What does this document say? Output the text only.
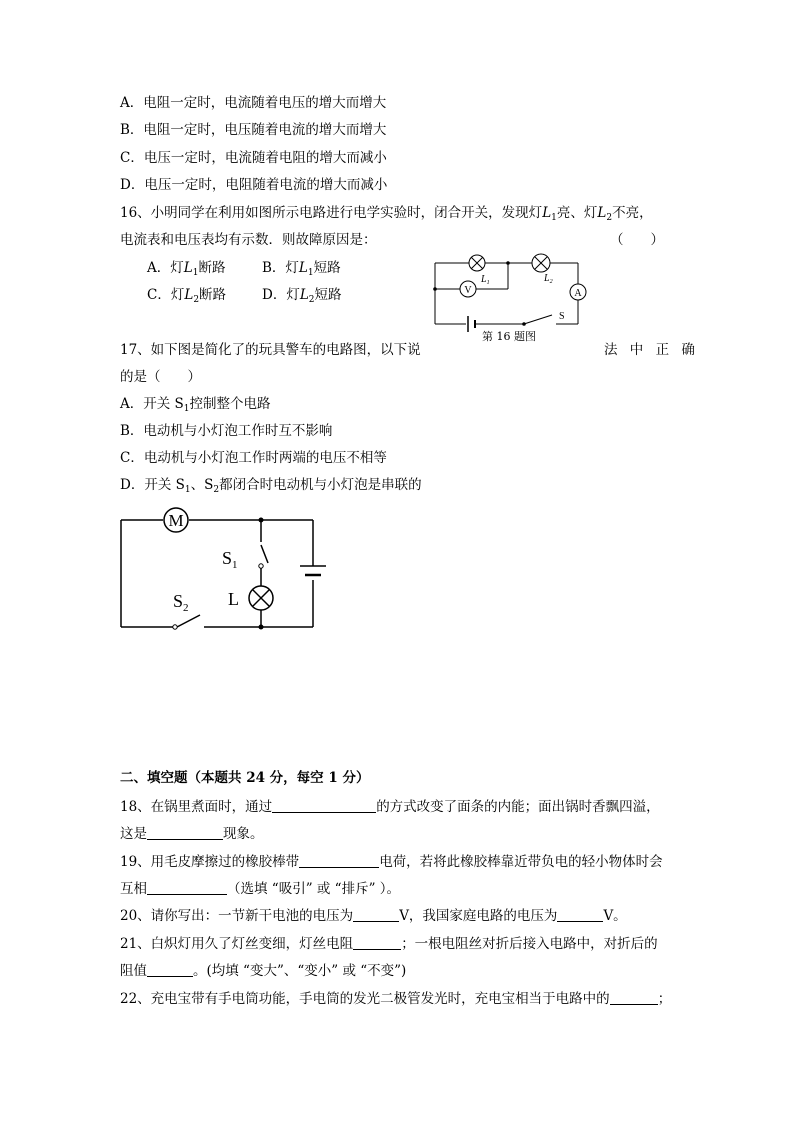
A．电阻一定时，电流随着电压的增大而增大
B．电阻一定时，电压随着电流的增大而增大
C．电压一定时，电流随着电阻的增大而减小
D．电压一定时，电阻随着电流的增大而减小
16、小明同学在利用如图所示电路进行电学实验时，闭合开关，发现灯$L_1$亮、灯$L_2$不亮，
电流表和电压表均有示数．则故障原因是：	（　　）
A．灯$L_1$断路	B．灯$L_1$短路
C．灯$L_2$断路	D．灯$L_2$短路	V	A
$L_1$	$L_2$
S
第 16 题图
17、如下图是简化了的玩具警车的电路图，以下说	法 中 正 确
的是（　　）
A．开关 $S_1$控制整个电路
B．电动机与小灯泡工作时互不影响
C．电动机与小灯泡工作时两端的电压不相等
D．开关 $S_1$、$S_2$都闭合时电动机与小灯泡是串联的
M
$S_1$
L
$S_2$
二、填空题（本题共 24 分，每空 1 分）
18、在锅里煮面时，通过	的方式改变了面条的内能；面出锅时香飘四溢，
这是	现象。
19、用毛皮摩擦过的橡胶棒带	电荷，若将此橡胶棒靠近带负电的轻小物体时会
互相	（选填 “吸引” 或 “排斥” ）。
20、请你写出：一节新干电池的电压为	V，我国家庭电路的电压为	V。
21、白炽灯用久了灯丝变细，灯丝电阻	；一根电阻丝对折后接入电路中，对折后的
阻值	。(均填 “变大”、“变小” 或 “不变”)
22、充电宝带有手电筒功能，手电筒的发光二极管发光时，充电宝相当于电路中的	；
